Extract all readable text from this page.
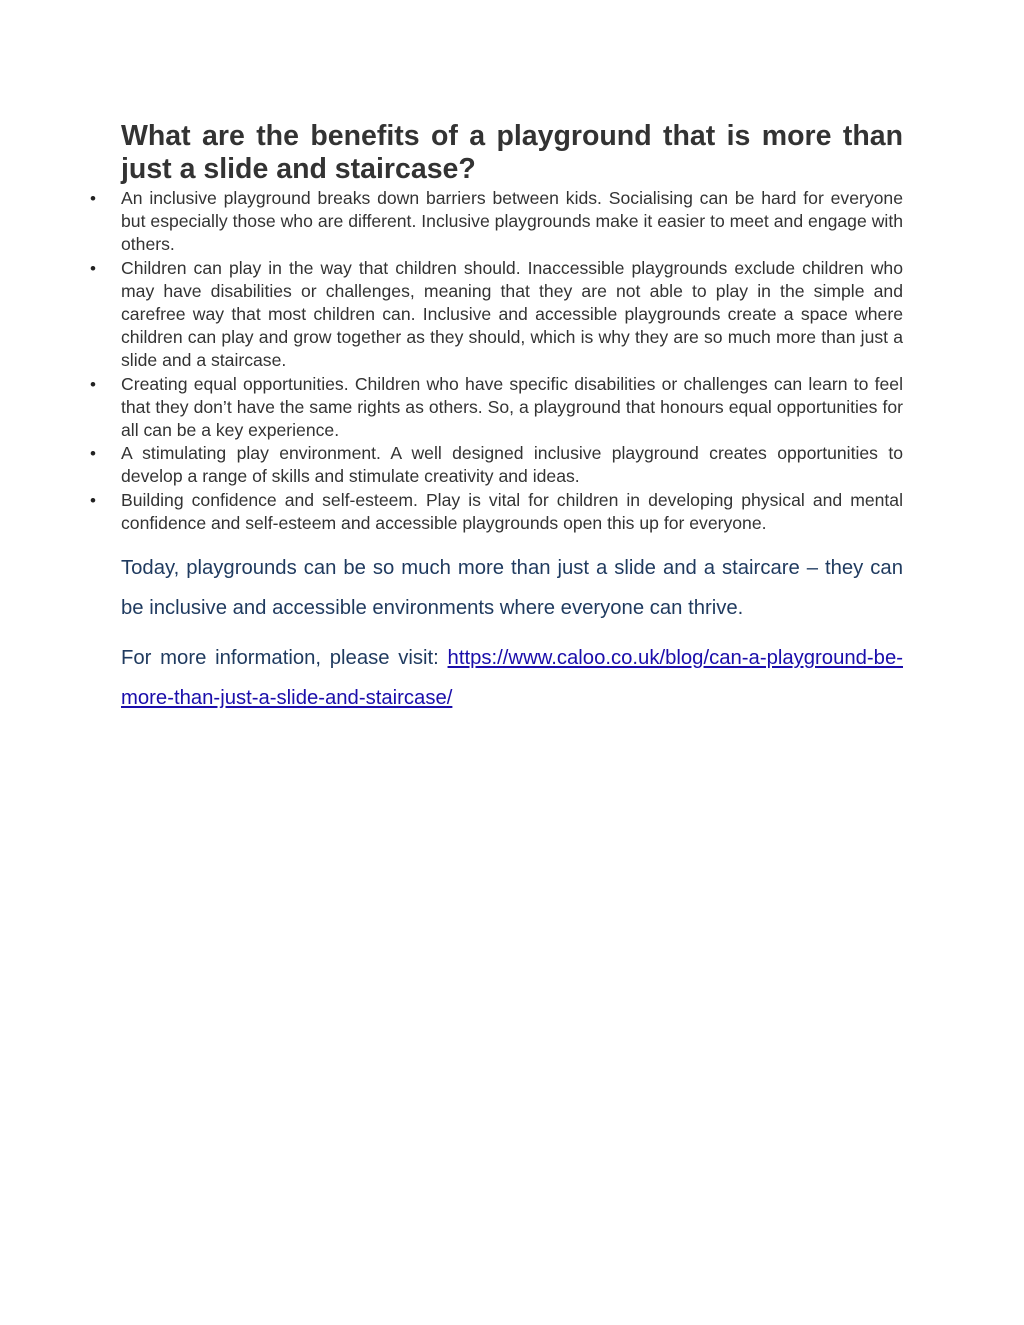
What are the benefits of a playground that is more than just a slide and staircase?
• An inclusive playground breaks down barriers between kids. Socialising can be hard for everyone but especially those who are different. Inclusive playgrounds make it easier to meet and engage with others.
• Children can play in the way that children should. Inaccessible playgrounds exclude children who may have disabilities or challenges, meaning that they are not able to play in the simple and carefree way that most children can. Inclusive and accessible playgrounds create a space where children can play and grow together as they should, which is why they are so much more than just a slide and a staircase.
• Creating equal opportunities. Children who have specific disabilities or challenges can learn to feel that they don’t have the same rights as others. So, a playground that honours equal opportunities for all can be a key experience.
• A stimulating play environment. A well designed inclusive playground creates opportunities to develop a range of skills and stimulate creativity and ideas.
• Building confidence and self-esteem. Play is vital for children in developing physical and mental confidence and self-esteem and accessible playgrounds open this up for everyone.

Today, playgrounds can be so much more than just a slide and a staircare – they can be inclusive and accessible environments where everyone can thrive.

For more information, please visit: https://www.caloo.co.uk/blog/can-a-playground-be-more-than-just-a-slide-and-staircase/
